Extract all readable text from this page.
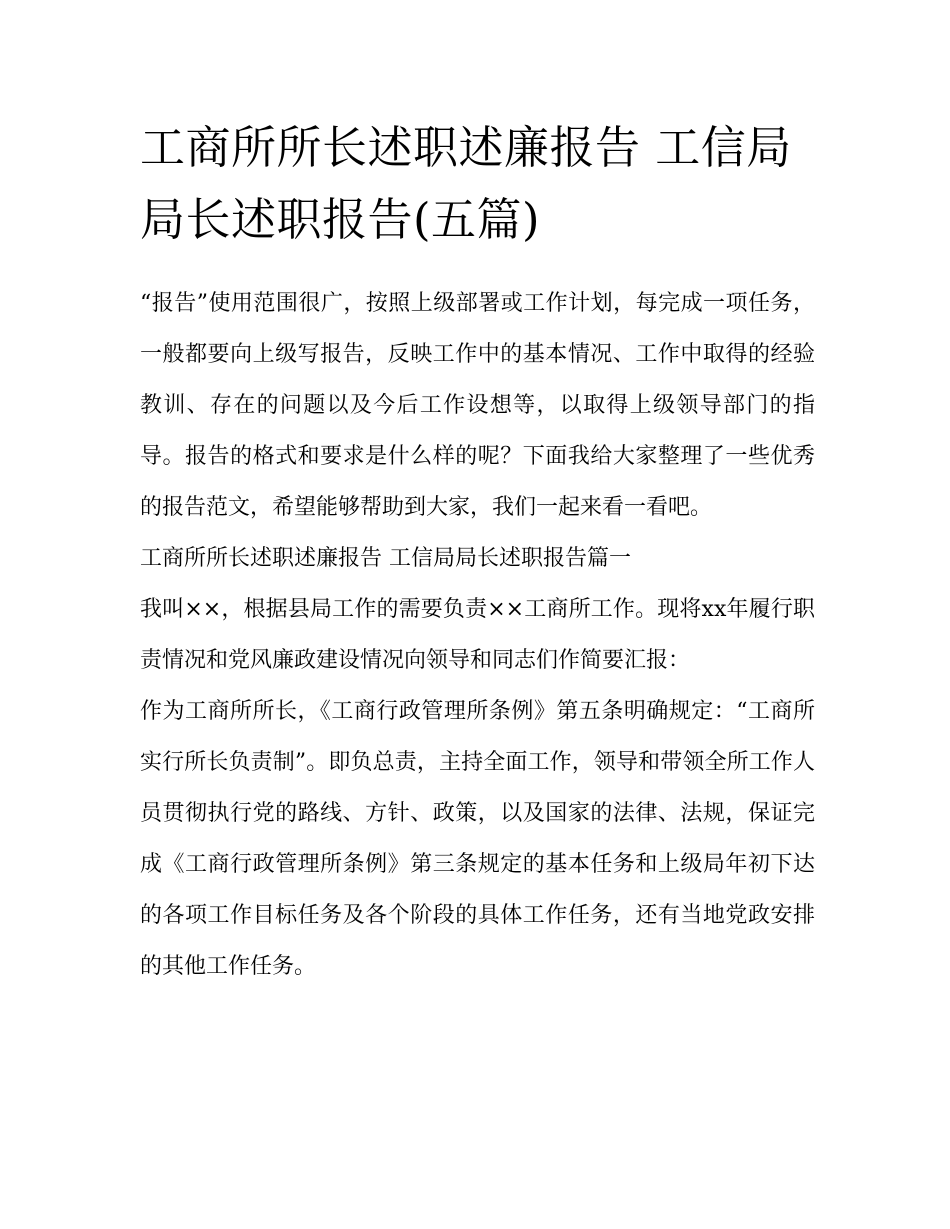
工商所所长述职述廉报告 工信局局长述职报告(五篇)

“报告”使用范围很广，按照上级部署或工作计划，每完成一项任务，一般都要向上级写报告，反映工作中的基本情况、工作中取得的经验教训、存在的问题以及今后工作设想等，以取得上级领导部门的指导。报告的格式和要求是什么样的呢？下面我给大家整理了一些优秀的报告范文，希望能够帮助到大家，我们一起来看一看吧。

工商所所长述职述廉报告 工信局局长述职报告篇一

我叫××，根据县局工作的需要负责××工商所工作。现将xx年履行职责情况和党风廉政建设情况向领导和同志们作简要汇报：

作为工商所所长，《工商行政管理所条例》第五条明确规定：“工商所实行所长负责制”。即负总责，主持全面工作，领导和带领全所工作人员贯彻执行党的路线、方针、政策，以及国家的法律、法规，保证完成《工商行政管理所条例》第三条规定的基本任务和上级局年初下达的各项工作目标任务及各个阶段的具体工作任务，还有当地党政安排的其他工作任务。
